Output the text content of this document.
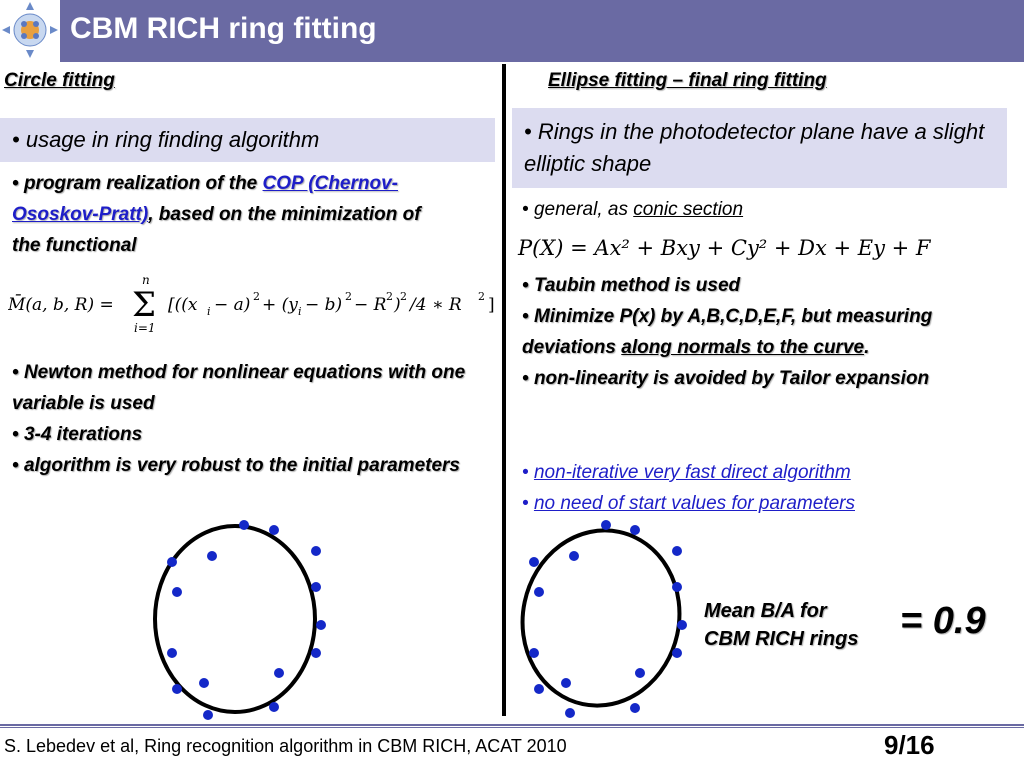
CBM RICH ring fitting
Circle fitting	Ellipse fitting – final ring fitting
• usage in ring finding algorithm
• program realization of the COP (Chernov-Ososkov-Pratt), based on the minimization of the functional
M̄(a, b, R) = Σ
n
i=1
[((x i − a) 2 + (y i − b) 2 − R 2 ) 2 /4 ∗ R 2 ]
• Newton method for nonlinear equations with one variable is used
• 3-4 iterations
• algorithm is very robust to the initial parameters
• Rings in the photodetector plane have a slight elliptic shape
• general, as conic section
P(X) = Ax² + Bxy + Cy² + Dx + Ey + F
• Taubin method is used
• Minimize P(x) by A,B,C,D,E,F, but measuring deviations along normals to the curve.
• non-linearity is avoided by Tailor expansion
• non-iterative very fast direct algorithm
• no need of start values for parameters
Mean B/A for
CBM RICH rings	= 0.9
S. Lebedev et al, Ring recognition algorithm in CBM RICH, ACAT 2010	9/16
